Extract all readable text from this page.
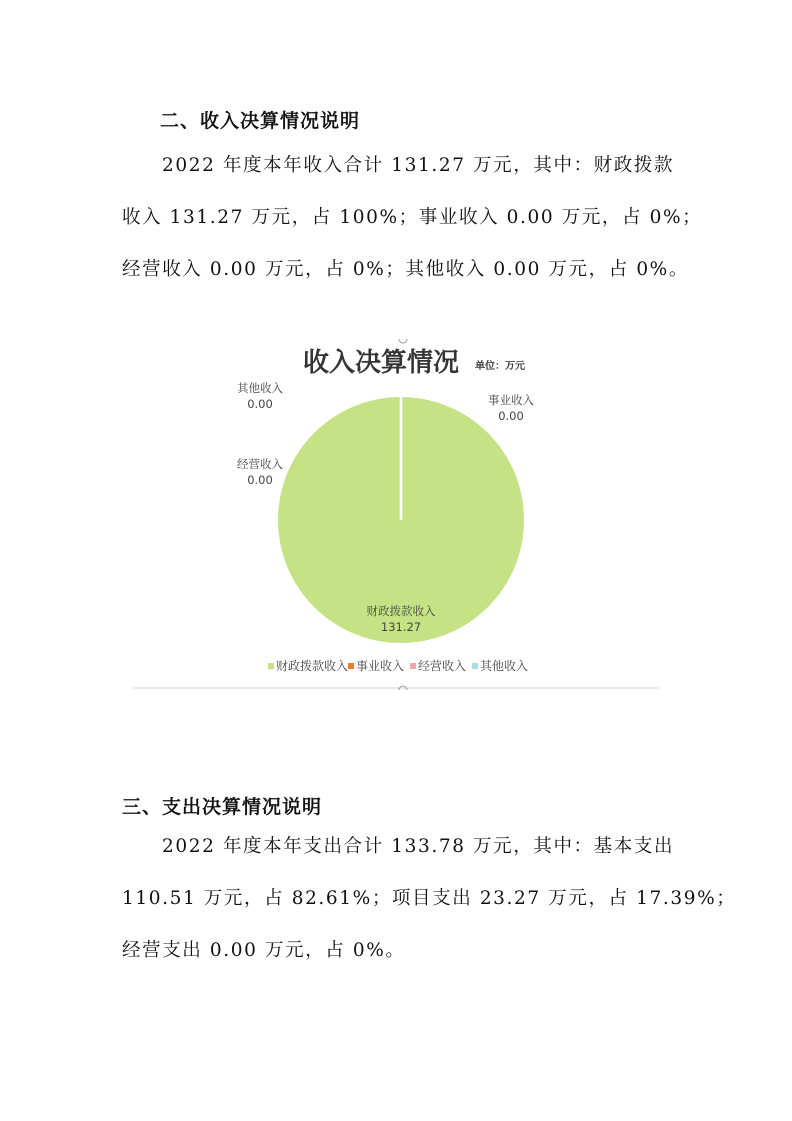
二、收入决算情况说明
2022 年度本年收入合计 131.27 万元，其中：财政拨款
收入 131.27 万元，占 100%；事业收入 0.00 万元，占 0%；
经营收入 0.00 万元，占 0%；其他收入 0.00 万元，占 0%。
收入决算情况 单位：万元
财政拨款收入
131.27
事业收入
0.00
经营收入
0.00
其他收入
0.00
财政拨款收入 事业收入 经营收入 其他收入
三、支出决算情况说明
2022 年度本年支出合计 133.78 万元，其中：基本支出
110.51 万元，占 82.61%；项目支出 23.27 万元，占 17.39%；
经营支出 0.00 万元，占 0%。
